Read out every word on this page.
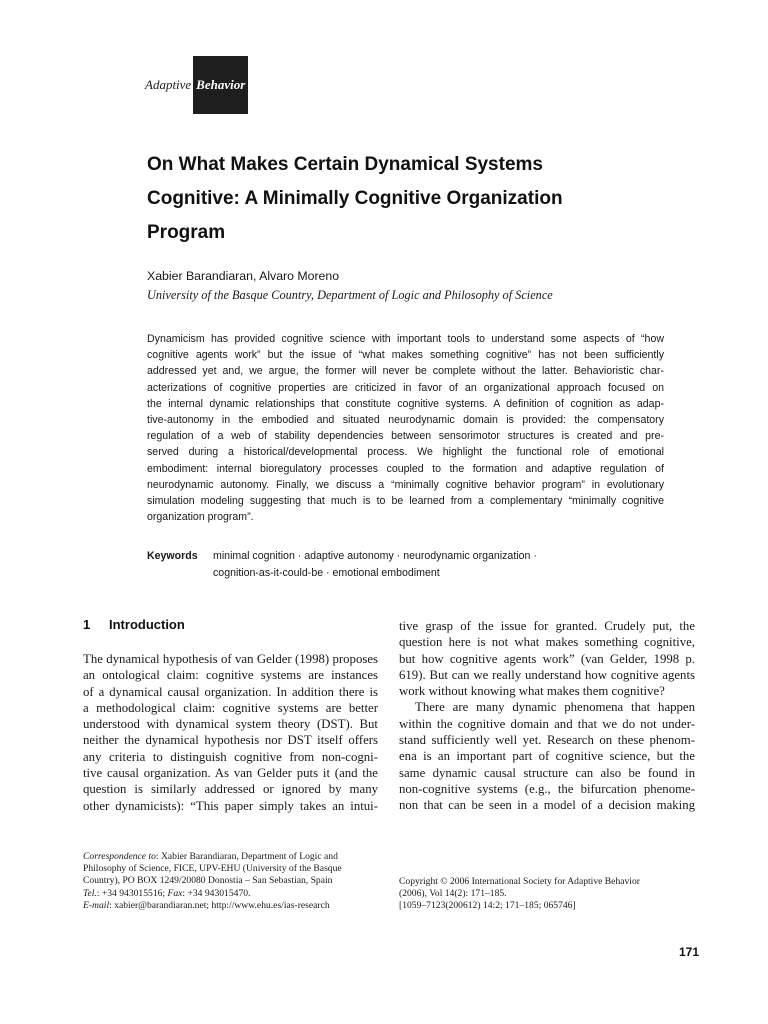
Adaptive Behavior
On What Makes Certain Dynamical Systems
Cognitive: A Minimally Cognitive Organization
Program
Xabier Barandiaran, Alvaro Moreno
University of the Basque Country, Department of Logic and Philosophy of Science
Dynamicism has provided cognitive science with important tools to understand some aspects of “how
cognitive agents work” but the issue of “what makes something cognitive” has not been sufficiently
addressed yet and, we argue, the former will never be complete without the latter. Behavioristic char-
acterizations of cognitive properties are criticized in favor of an organizational approach focused on
the internal dynamic relationships that constitute cognitive systems. A definition of cognition as adap-
tive-autonomy in the embodied and situated neurodynamic domain is provided: the compensatory
regulation of a web of stability dependencies between sensorimotor structures is created and pre-
served during a historical/developmental process. We highlight the functional role of emotional
embodiment: internal bioregulatory processes coupled to the formation and adaptive regulation of
neurodynamic autonomy. Finally, we discuss a “minimally cognitive behavior program” in evolutionary
simulation modeling suggesting that much is to be learned from a complementary “minimally cognitive
organization program”.
Keywords minimal cognition · adaptive autonomy · neurodynamic organization ·
cognition-as-it-could-be · emotional embodiment
1 Introduction
The dynamical hypothesis of van Gelder (1998) proposes
an ontological claim: cognitive systems are instances
of a dynamical causal organization. In addition there is
a methodological claim: cognitive systems are better
understood with dynamical system theory (DST). But
neither the dynamical hypothesis nor DST itself offers
any criteria to distinguish cognitive from non-cogni-
tive causal organization. As van Gelder puts it (and the
question is similarly addressed or ignored by many
other dynamicists): “This paper simply takes an intui-
tive grasp of the issue for granted. Crudely put, the
question here is not what makes something cognitive,
but how cognitive agents work” (van Gelder, 1998 p.
619). But can we really understand how cognitive agents
work without knowing what makes them cognitive?
There are many dynamic phenomena that happen
within the cognitive domain and that we do not under-
stand sufficiently well yet. Research on these phenom-
ena is an important part of cognitive science, but the
same dynamic causal structure can also be found in
non-cognitive systems (e.g., the bifurcation phenome-
non that can be seen in a model of a decision making
Correspondence to: Xabier Barandiaran, Department of Logic and
Philosophy of Science, FICE, UPV-EHU (University of the Basque
Country), PO BOX 1249/20080 Donostia – San Sebastian, Spain
Tel.: +34 943015516; Fax: +34 943015470.
E-mail: xabier@barandiaran.net; http://www.ehu.es/ias-research
Copyright © 2006 International Society for Adaptive Behavior
(2006), Vol 14(2): 171–185.
[1059–7123(200612) 14:2; 171–185; 065746]
171
